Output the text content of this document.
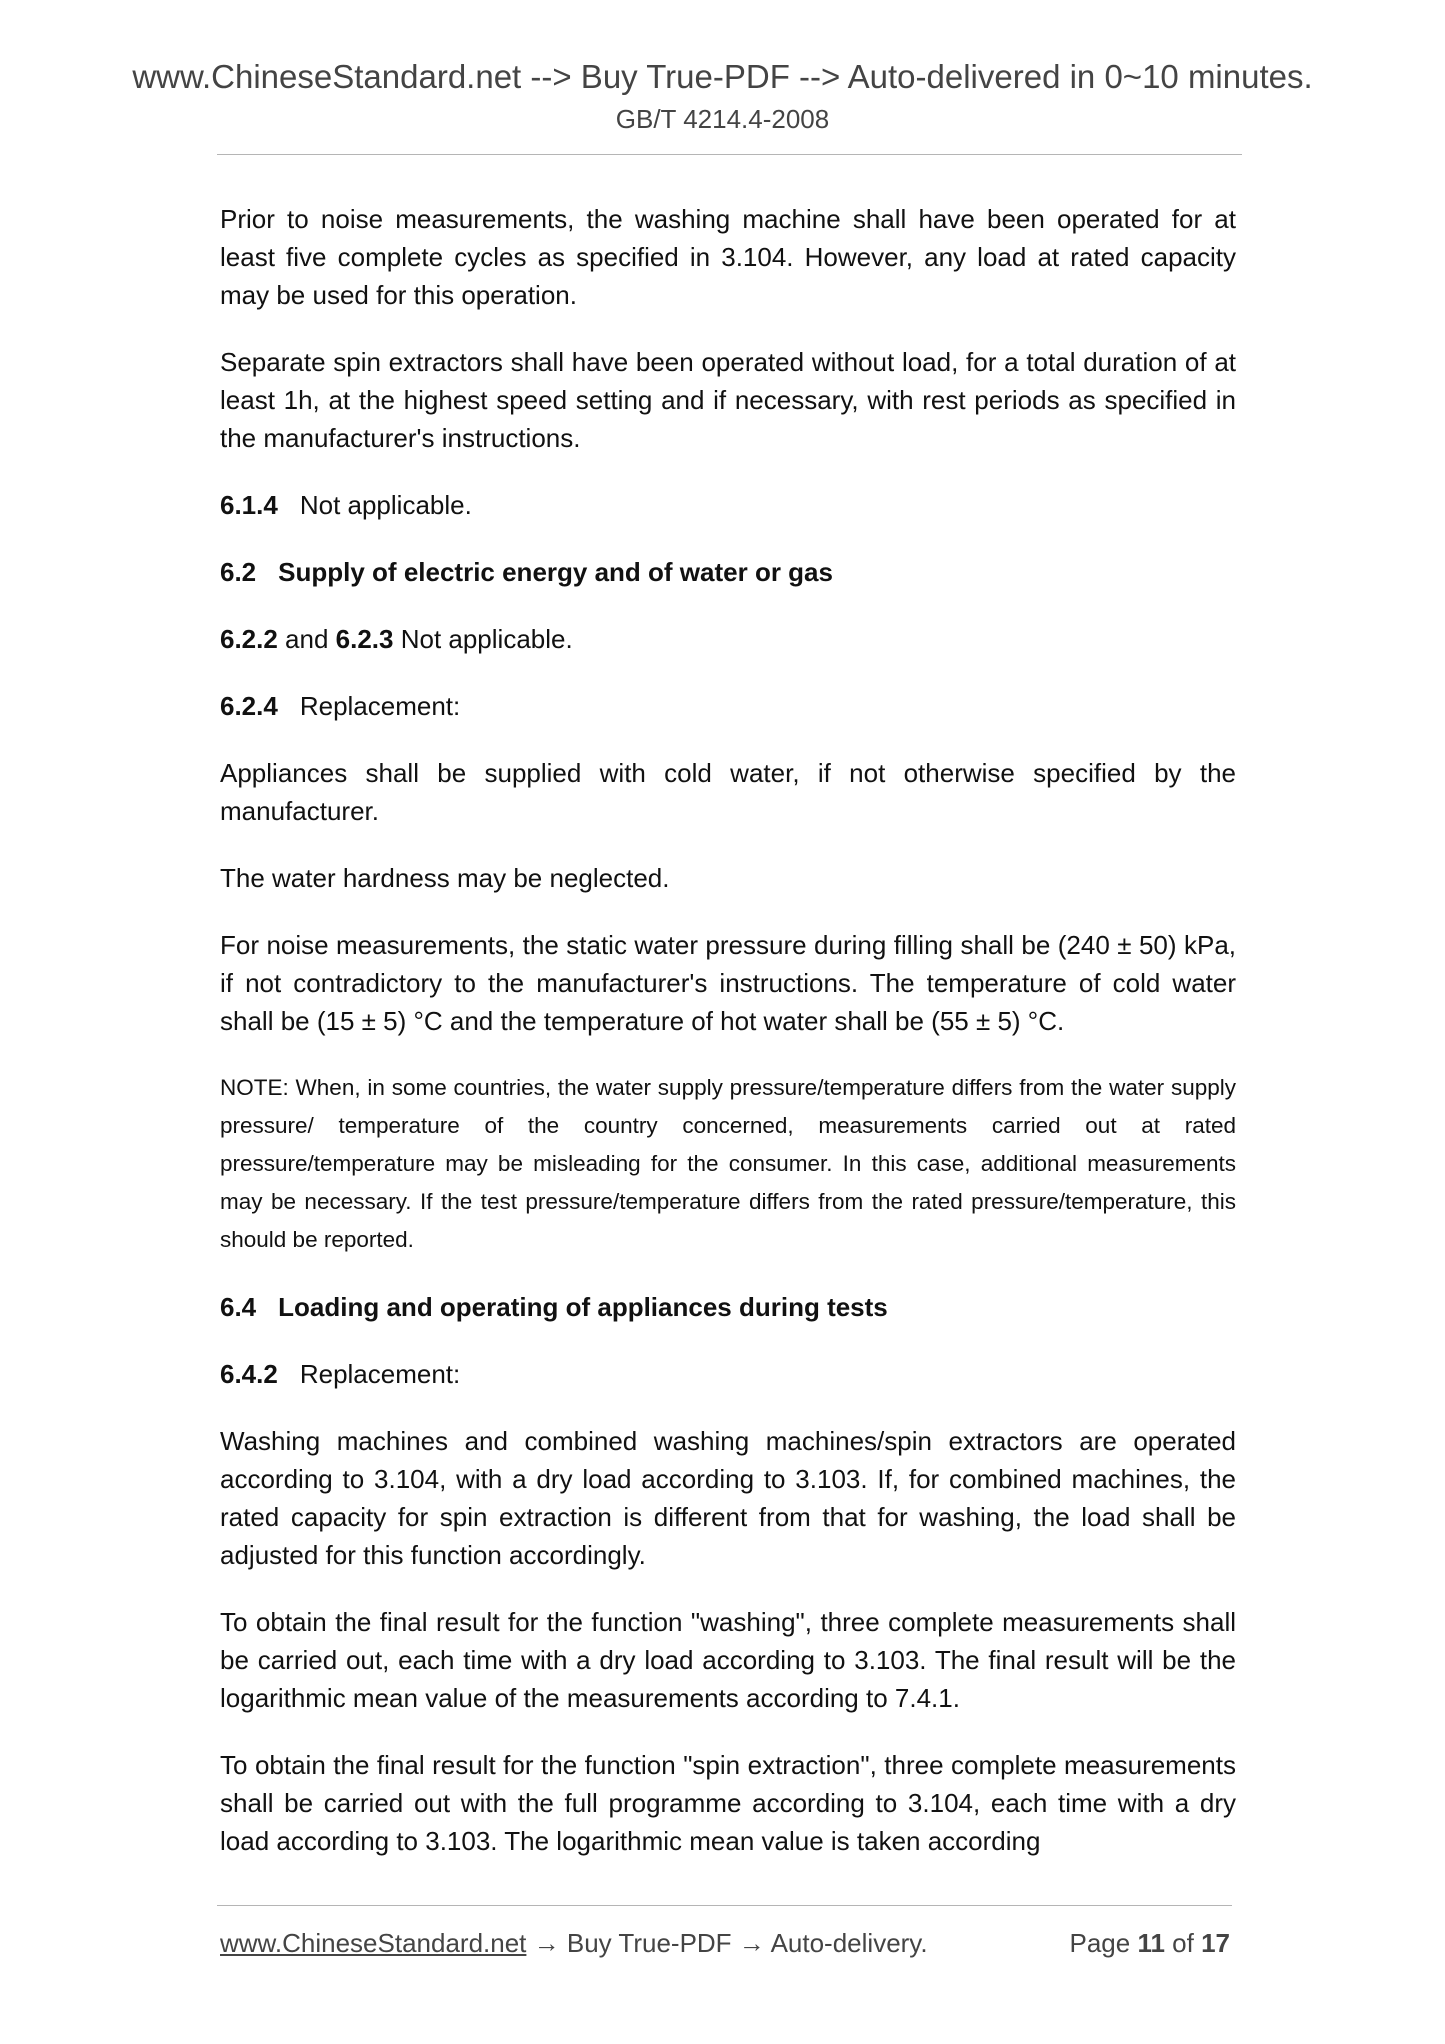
www.ChineseStandard.net --> Buy True-PDF --> Auto-delivered in 0~10 minutes.
GB/T 4214.4-2008

Prior to noise measurements, the washing machine shall have been operated for at least five complete cycles as specified in 3.104. However, any load at rated capacity may be used for this operation.

Separate spin extractors shall have been operated without load, for a total duration of at least 1h, at the highest speed setting and if necessary, with rest periods as specified in the manufacturer's instructions.

6.1.4 Not applicable.
6.2 Supply of electric energy and of water or gas
6.2.2 and 6.2.3 Not applicable.
6.2.4 Replacement:

Appliances shall be supplied with cold water, if not otherwise specified by the manufacturer.

The water hardness may be neglected.

For noise measurements, the static water pressure during filling shall be (240 ± 50) kPa, if not contradictory to the manufacturer's instructions. The temperature of cold water shall be (15 ± 5) °C and the temperature of hot water shall be (55 ± 5) °C.

NOTE: When, in some countries, the water supply pressure/temperature differs from the water supply pressure/ temperature of the country concerned, measurements carried out at rated pressure/temperature may be misleading for the consumer. In this case, additional measurements may be necessary. If the test pressure/temperature differs from the rated pressure/temperature, this should be reported.

6.4 Loading and operating of appliances during tests
6.4.2 Replacement:

Washing machines and combined washing machines/spin extractors are operated according to 3.104, with a dry load according to 3.103. If, for combined machines, the rated capacity for spin extraction is different from that for washing, the load shall be adjusted for this function accordingly.

To obtain the final result for the function "washing", three complete measurements shall be carried out, each time with a dry load according to 3.103. The final result will be the logarithmic mean value of the measurements according to 7.4.1.

To obtain the final result for the function "spin extraction", three complete measurements shall be carried out with the full programme according to 3.104, each time with a dry load according to 3.103. The logarithmic mean value is taken according

www.ChineseStandard.net → Buy True-PDF → Auto-delivery.	Page 11 of 17
